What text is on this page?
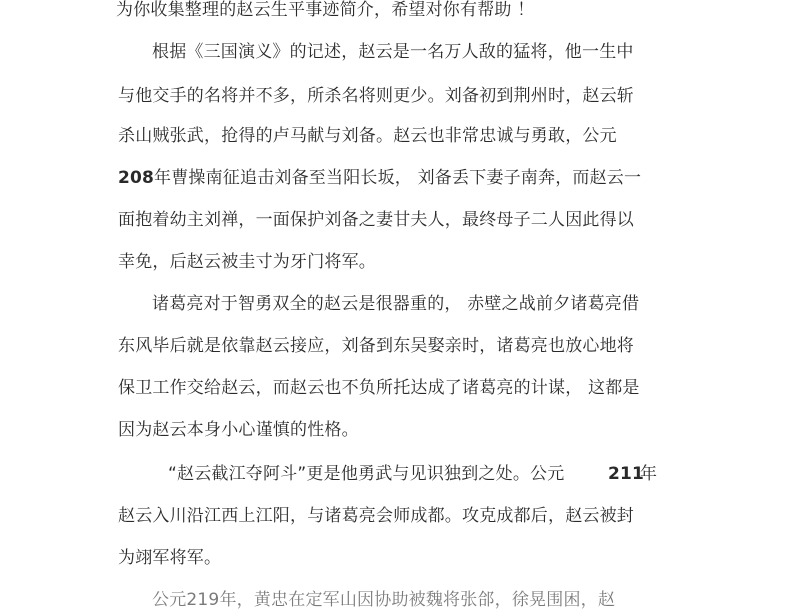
为你收集整理的赵云生平事迹简介，希望对你有帮助 ！
根据《三国演义》的记述，赵云是一名万人敌的猛将，他一生中
与他交手的名将并不多，所杀名将则更少。刘备初到荆州时，赵云斩
杀山贼张武，抢得的卢马献与刘备。赵云也非常忠诚与勇敢，公元
208 年曹操南征追击刘备至当阳长坂， 刘备丢下妻子南奔，而赵云一
面抱着幼主刘禅，一面保护刘备之妻甘夫人，最终母子二人因此得以
幸免，后赵云被圭寸为牙门将军。
诸葛亮对于智勇双全的赵云是很器重的， 赤壁之战前夕诸葛亮借
东风毕后就是依靠赵云接应，刘备到东吴娶亲时，诸葛亮也放心地将
保卫工作交给赵云，而赵云也不负所托达成了诸葛亮的计谋， 这都是
因为赵云本身小心谨慎的性格。
“赵云截江夺阿斗”更是他勇武与见识独到之处。公元	211
年
赵云入川沿江西上江阳，与诸葛亮会师成都。攻克成都后，赵云被封
为翊军将军。
公元219年，黄忠在定军山因协助被魏将张郃，徐晃围困，赵
